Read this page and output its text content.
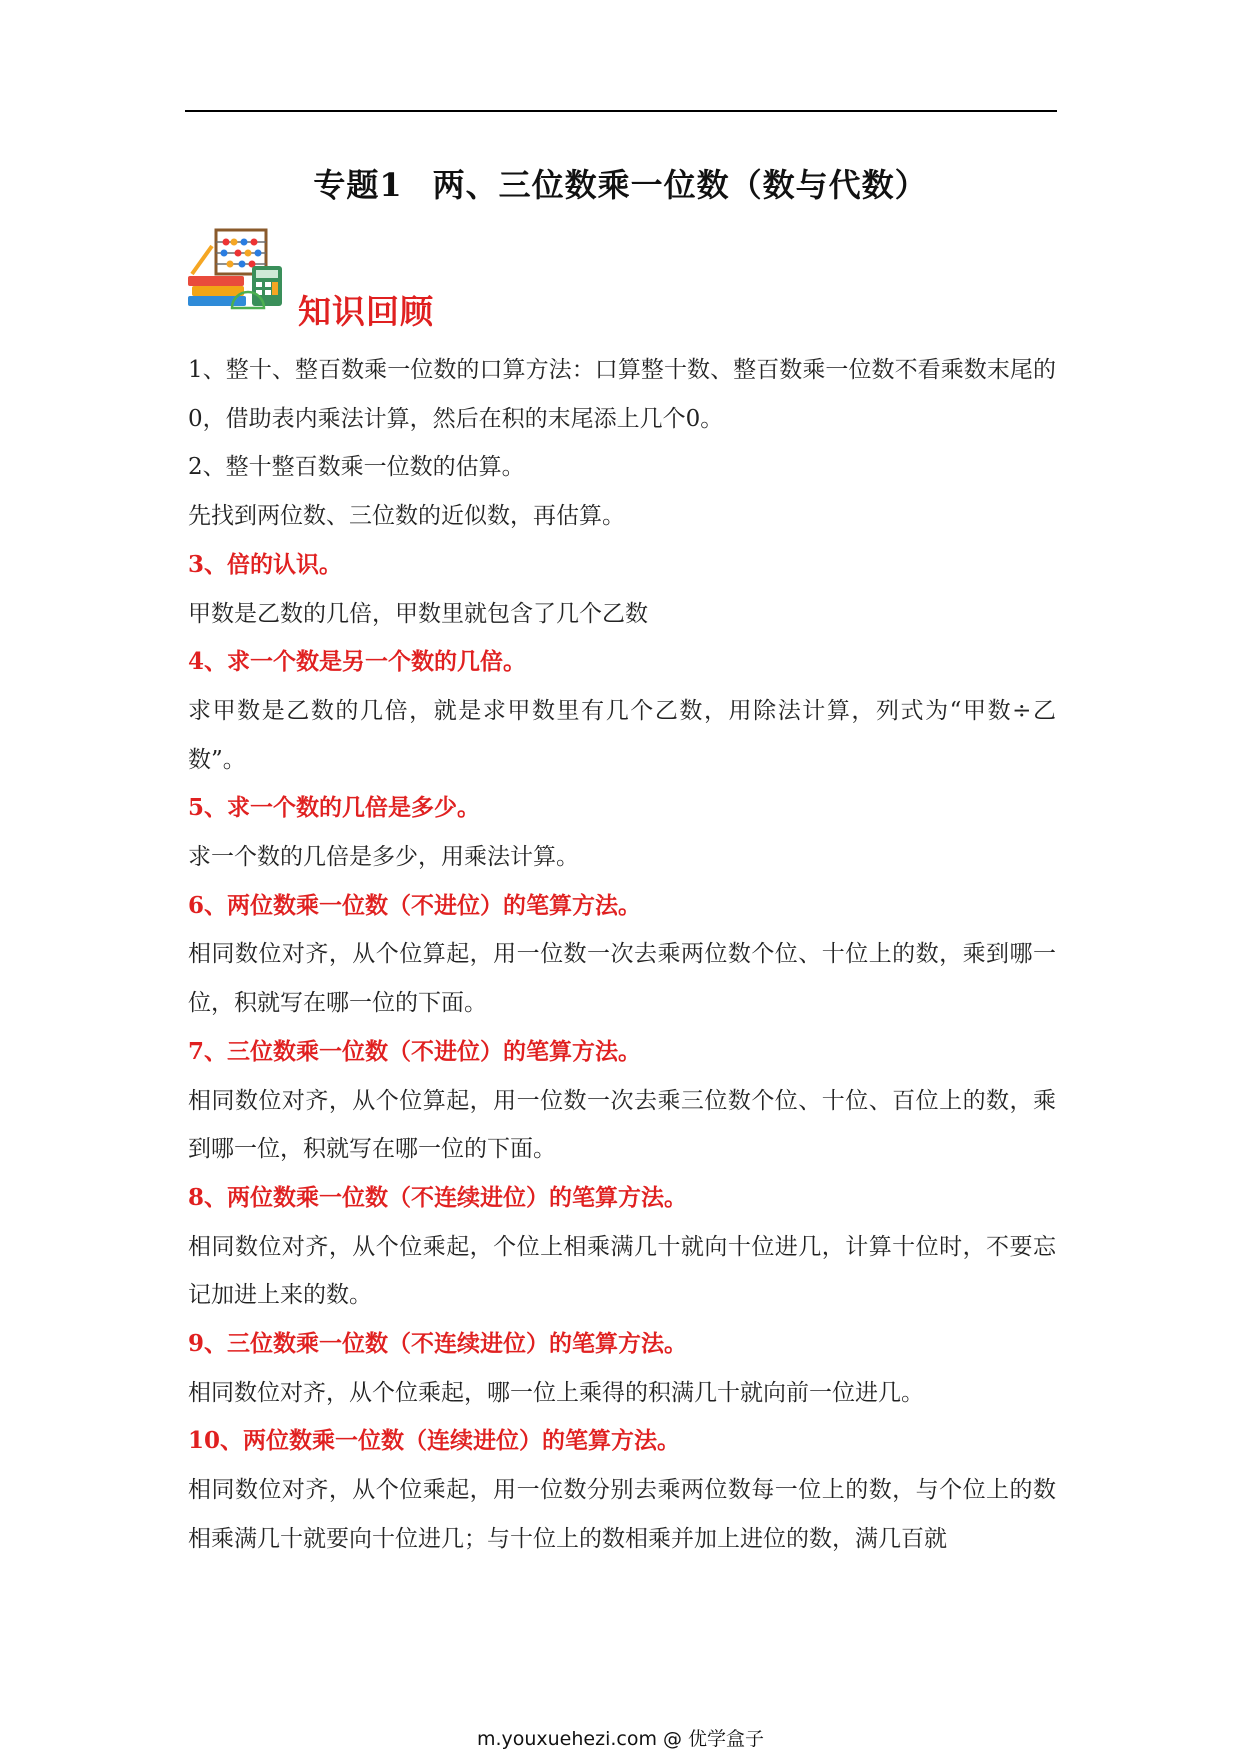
专题1 两、三位数乘一位数（数与代数）
知识回顾

1、整十、整百数乘一位数的口算方法：口算整十数、整百数乘一位数不看乘数末尾的0，借助表内乘法计算，然后在积的末尾添上几个0。

2、整十整百数乘一位数的估算。

先找到两位数、三位数的近似数，再估算。

3、倍的认识。

甲数是乙数的几倍，甲数里就包含了几个乙数

4、求一个数是另一个数的几倍。

求甲数是乙数的几倍，就是求甲数里有几个乙数，用除法计算，列式为“甲数÷乙数”。

5、求一个数的几倍是多少。

求一个数的几倍是多少，用乘法计算。

6、两位数乘一位数（不进位）的笔算方法。

相同数位对齐，从个位算起，用一位数一次去乘两位数个位、十位上的数，乘到哪一位，积就写在哪一位的下面。

7、三位数乘一位数（不进位）的笔算方法。

相同数位对齐，从个位算起，用一位数一次去乘三位数个位、十位、百位上的数，乘到哪一位，积就写在哪一位的下面。

8、两位数乘一位数（不连续进位）的笔算方法。

相同数位对齐，从个位乘起，个位上相乘满几十就向十位进几，计算十位时，不要忘记加进上来的数。

9、三位数乘一位数（不连续进位）的笔算方法。

相同数位对齐，从个位乘起，哪一位上乘得的积满几十就向前一位进几。

10、两位数乘一位数（连续进位）的笔算方法。

相同数位对齐，从个位乘起，用一位数分别去乘两位数每一位上的数，与个位上的数相乘满几十就要向十位进几；与十位上的数相乘并加上进位的数，满几百就

m.youxuehezi.com @ 优学盒子
